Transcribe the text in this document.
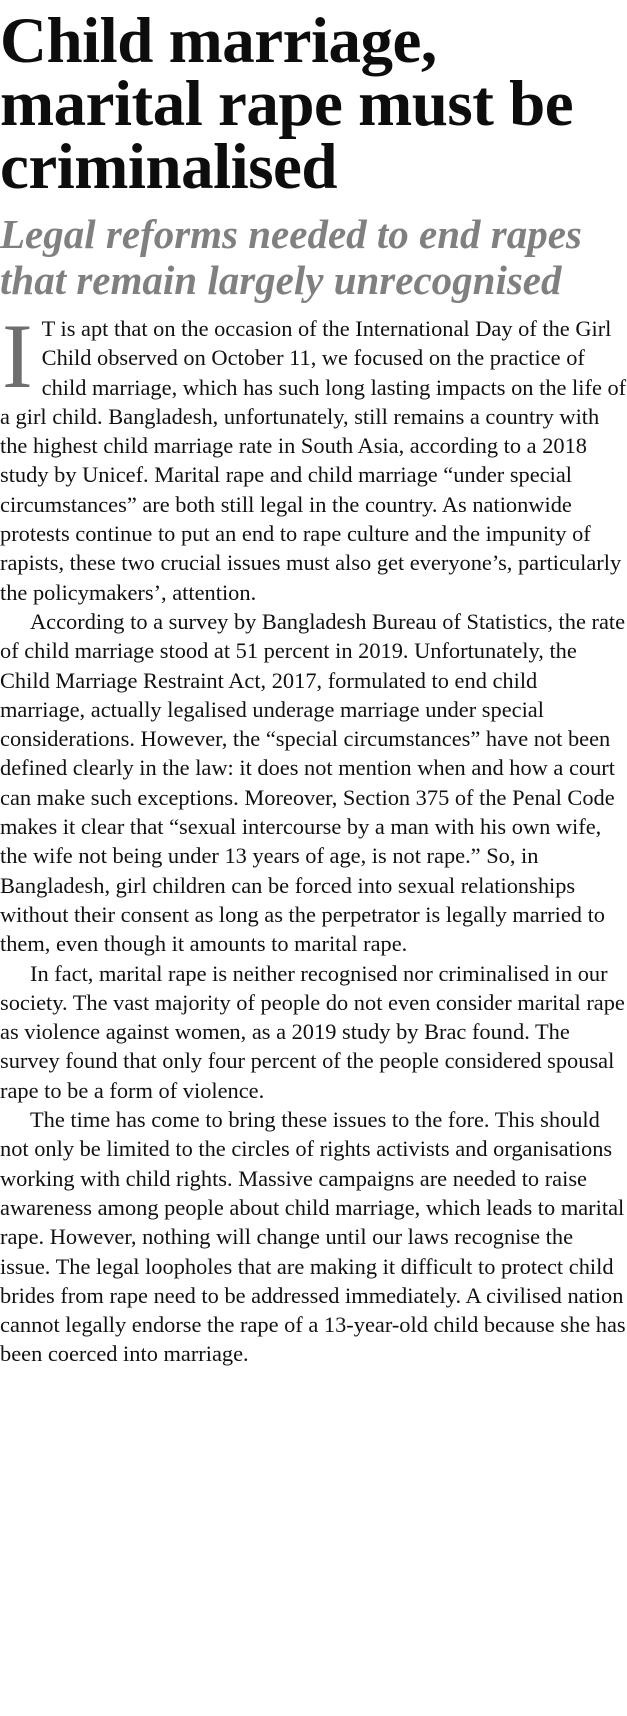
Child marriage, marital rape must be criminalised
Legal reforms needed to end rapes that remain largely unrecognised

I T is apt that on the occasion of the International Day of the Girl Child observed on October 11, we focused on the practice of child marriage, which has such long lasting impacts on the life of a girl child. Bangladesh, unfortunately, still remains a country with the highest child marriage rate in South Asia, according to a 2018 study by Unicef. Marital rape and child marriage “under special circumstances” are both still legal in the country. As nationwide protests continue to put an end to rape culture and the impunity of rapists, these two crucial issues must also get everyone’s, particularly the policymakers’, attention.

According to a survey by Bangladesh Bureau of Statistics, the rate of child marriage stood at 51 percent in 2019. Unfortunately, the Child Marriage Restraint Act, 2017, formulated to end child marriage, actually legalised underage marriage under special considerations. However, the “special circumstances” have not been defined clearly in the law: it does not mention when and how a court can make such exceptions. Moreover, Section 375 of the Penal Code makes it clear that “sexual intercourse by a man with his own wife, the wife not being under 13 years of age, is not rape.” So, in Bangladesh, girl children can be forced into sexual relationships without their consent as long as the perpetrator is legally married to them, even though it amounts to marital rape.

In fact, marital rape is neither recognised nor criminalised in our society. The vast majority of people do not even consider marital rape as violence against women, as a 2019 study by Brac found. The survey found that only four percent of the people considered spousal rape to be a form of violence.

The time has come to bring these issues to the fore. This should not only be limited to the circles of rights activists and organisations working with child rights. Massive campaigns are needed to raise awareness among people about child marriage, which leads to marital rape. However, nothing will change until our laws recognise the issue. The legal loopholes that are making it difficult to protect child brides from rape need to be addressed immediately. A civilised nation cannot legally endorse the rape of a 13-year-old child because she has been coerced into marriage.
